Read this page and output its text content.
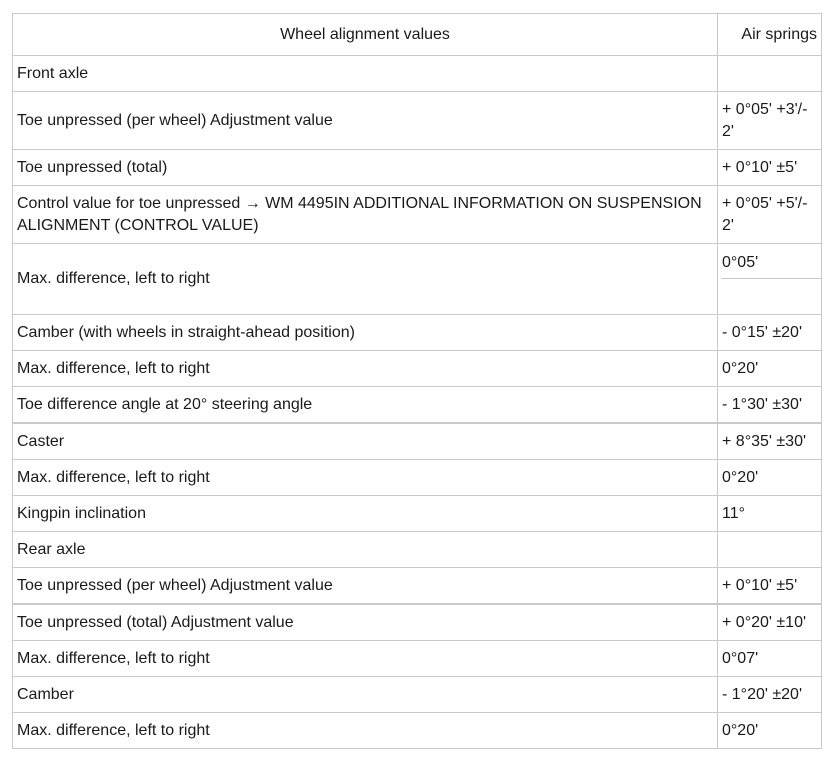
Wheel alignment values	Air springs
Front axle	
Toe unpressed (per wheel) Adjustment value	+ 0°05' +3'/- 2'
Toe unpressed (total)	+ 0°10' ±5'
Control value for toe unpressed → WM 4495IN ADDITIONAL INFORMATION ON SUSPENSION ALIGNMENT (CONTROL VALUE)	+ 0°05' +5'/- 2'
Max. difference, left to right	0°05'

Camber (with wheels in straight-ahead position)	- 0°15' ±20'
Max. difference, left to right	0°20'
Toe difference angle at 20° steering angle	- 1°30' ±30'
Caster	+ 8°35' ±30'
Max. difference, left to right	0°20'
Kingpin inclination	11°
Rear axle	
Toe unpressed (per wheel) Adjustment value	+ 0°10' ±5'
Toe unpressed (total) Adjustment value	+ 0°20' ±10'
Max. difference, left to right	0°07'
Camber	- 1°20' ±20'
Max. difference, left to right	0°20'
